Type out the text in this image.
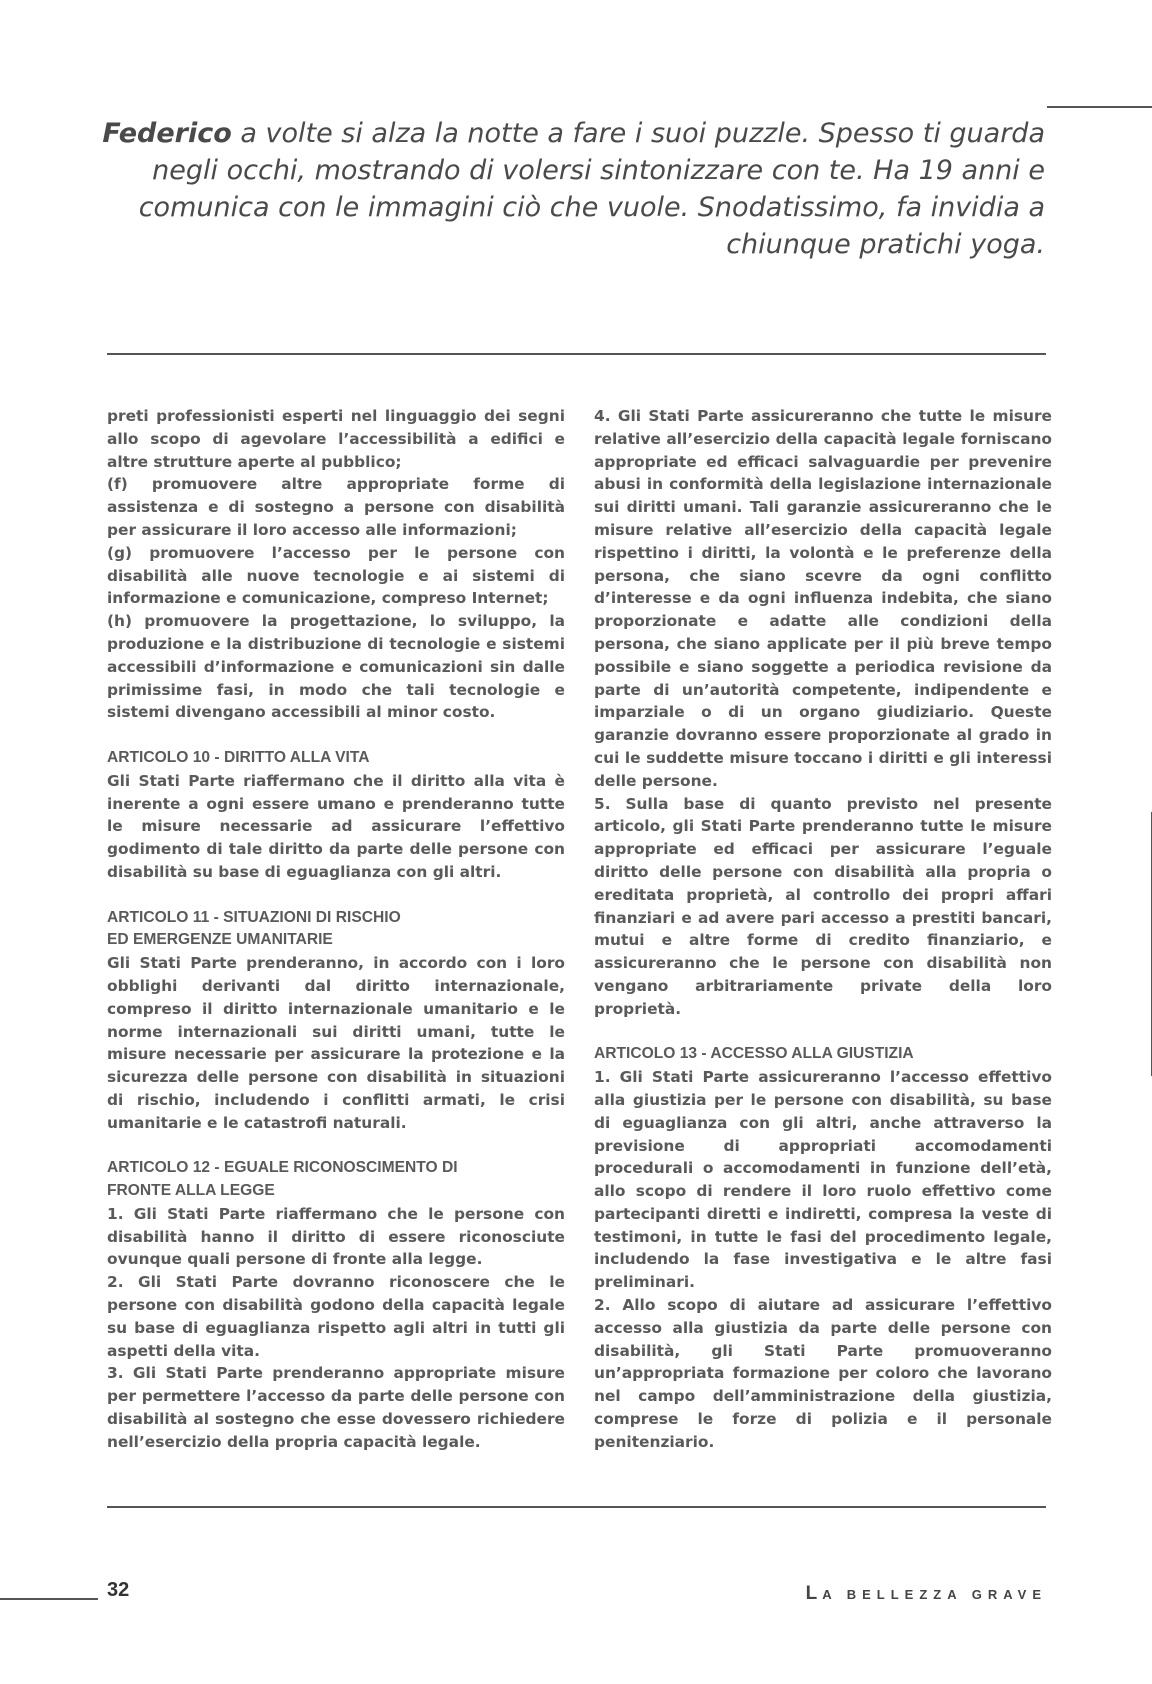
Federico a volte si alza la notte a fare i suoi puzzle. Spesso ti guarda negli occhi, mostrando di volersi sintonizzare con te. Ha 19 anni e comunica con le immagini ciò che vuole. Snodatissimo, fa invidia a chiunque pratichi yoga.

preti professionisti esperti nel linguaggio dei segni allo scopo di agevolare l’accessibilità a edifici e altre strutture aperte al pubblico;

(f) promuovere altre appropriate forme di assistenza e di sostegno a persone con disabilità per assicurare il loro accesso alle informazioni;

(g) promuovere l’accesso per le persone con disabilità alle nuove tecnologie e ai sistemi di informazione e comunicazione, compreso Internet;

(h) promuovere la progettazione, lo sviluppo, la produzione e la distribuzione di tecnologie e sistemi accessibili d’informazione e comunicazioni sin dalle primissime fasi, in modo che tali tecnologie e sistemi divengano accessibili al minor costo.

ARTICOLO 10 - DIRITTO ALLA VITA

Gli Stati Parte riaffermano che il diritto alla vita è inerente a ogni essere umano e prenderanno tutte le misure necessarie ad assicurare l’effettivo godimento di tale diritto da parte delle persone con disabilità su base di eguaglianza con gli altri.

ARTICOLO 11 - SITUAZIONI DI RISCHIO
ED EMERGENZE UMANITARIE

Gli Stati Parte prenderanno, in accordo con i loro obblighi derivanti dal diritto internazionale, compreso il diritto internazionale umanitario e le norme internazionali sui diritti umani, tutte le misure necessarie per assicurare la protezione e la sicurezza delle persone con disabilità in situazioni di rischio, includendo i conflitti armati, le crisi umanitarie e le catastrofi naturali.

ARTICOLO 12 - EGUALE RICONOSCIMENTO DI
FRONTE ALLA LEGGE

1. Gli Stati Parte riaffermano che le persone con disabilità hanno il diritto di essere riconosciute ovunque quali persone di fronte alla legge.

2. Gli Stati Parte dovranno riconoscere che le persone con disabilità godono della capacità legale su base di eguaglianza rispetto agli altri in tutti gli aspetti della vita.

3. Gli Stati Parte prenderanno appropriate misure per permettere l’accesso da parte delle persone con disabilità al sostegno che esse dovessero richiedere nell’esercizio della propria capacità legale.

4. Gli Stati Parte assicureranno che tutte le misure relative all’esercizio della capacità legale forniscano appropriate ed efficaci salvaguardie per prevenire abusi in conformità della legislazione internazionale sui diritti umani. Tali garanzie assicureranno che le misure relative all’esercizio della capacità legale rispettino i diritti, la volontà e le preferenze della persona, che siano scevre da ogni conflitto d’interesse e da ogni influenza indebita, che siano proporzionate e adatte alle condizioni della persona, che siano applicate per il più breve tempo possibile e siano soggette a periodica revisione da parte di un’autorità competente, indipendente e imparziale o di un organo giudiziario. Queste garanzie dovranno essere proporzionate al grado in cui le suddette misure toccano i diritti e gli interessi delle persone.

5. Sulla base di quanto previsto nel presente articolo, gli Stati Parte prenderanno tutte le misure appropriate ed efficaci per assicurare l’eguale diritto delle persone con disabilità alla propria o ereditata proprietà, al controllo dei propri affari finanziari e ad avere pari accesso a prestiti bancari, mutui e altre forme di credito finanziario, e assicureranno che le persone con disabilità non vengano arbitrariamente private della loro proprietà.

ARTICOLO 13 - ACCESSO ALLA GIUSTIZIA

1. Gli Stati Parte assicureranno l’accesso effettivo alla giustizia per le persone con disabilità, su base di eguaglianza con gli altri, anche attraverso la previsione di appropriati accomodamenti procedurali o accomodamenti in funzione dell’età, allo scopo di rendere il loro ruolo effettivo come partecipanti diretti e indiretti, compresa la veste di testimoni, in tutte le fasi del procedimento legale, includendo la fase investigativa e le altre fasi preliminari.

2. Allo scopo di aiutare ad assicurare l’effettivo accesso alla giustizia da parte delle persone con disabilità, gli Stati Parte promuoveranno un’appropriata formazione per coloro che lavorano nel campo dell’amministrazione della giustizia, comprese le forze di polizia e il personale penitenziario.

32	LA BELLEZZA GRAVE
